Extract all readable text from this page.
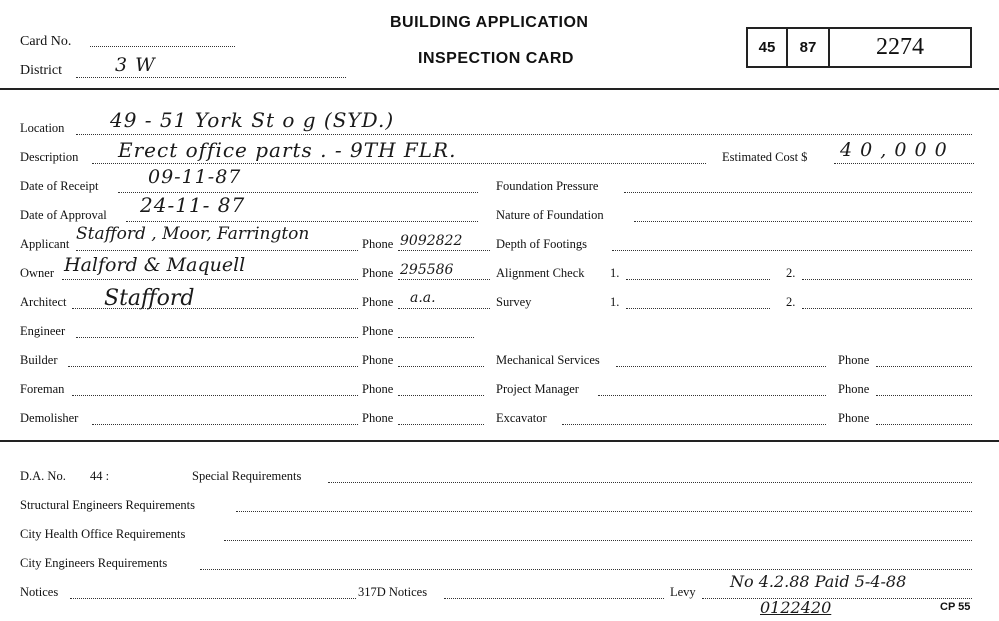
Card No.
District	3 W
BUILDING APPLICATION
INSPECTION CARD
45 87 2274
Location 49 - 51 York St o g (SYD.)
Description Erect office parts . - 9TH FLR.	Estimated Cost $ 4 0 , 0 0 0
Date of Receipt	09-11-87
Date of Approval 24-11- 87
Applicant Stafford , Moor, Farrington	Phone 9092822
Owner Halford & Maquell	Phone 295586
Architect Stafford	Phone a.a.
Engineer	Phone
Builder	Phone
Foreman	Phone
Demolisher	Phone
Foundation Pressure
Nature of Foundation
Depth of Footings
Alignment Check 1.	2.
Survey	1.	2.
Mechanical Services	Phone
Project Manager	Phone
Excavator	Phone
D.A. No. 44 :	Special Requirements
Structural Engineers Requirements
City Health Office Requirements
City Engineers Requirements
Notices	317D Notices	Levy
No 4.2.88 Paid 5-4-88
0122420	CP 55
